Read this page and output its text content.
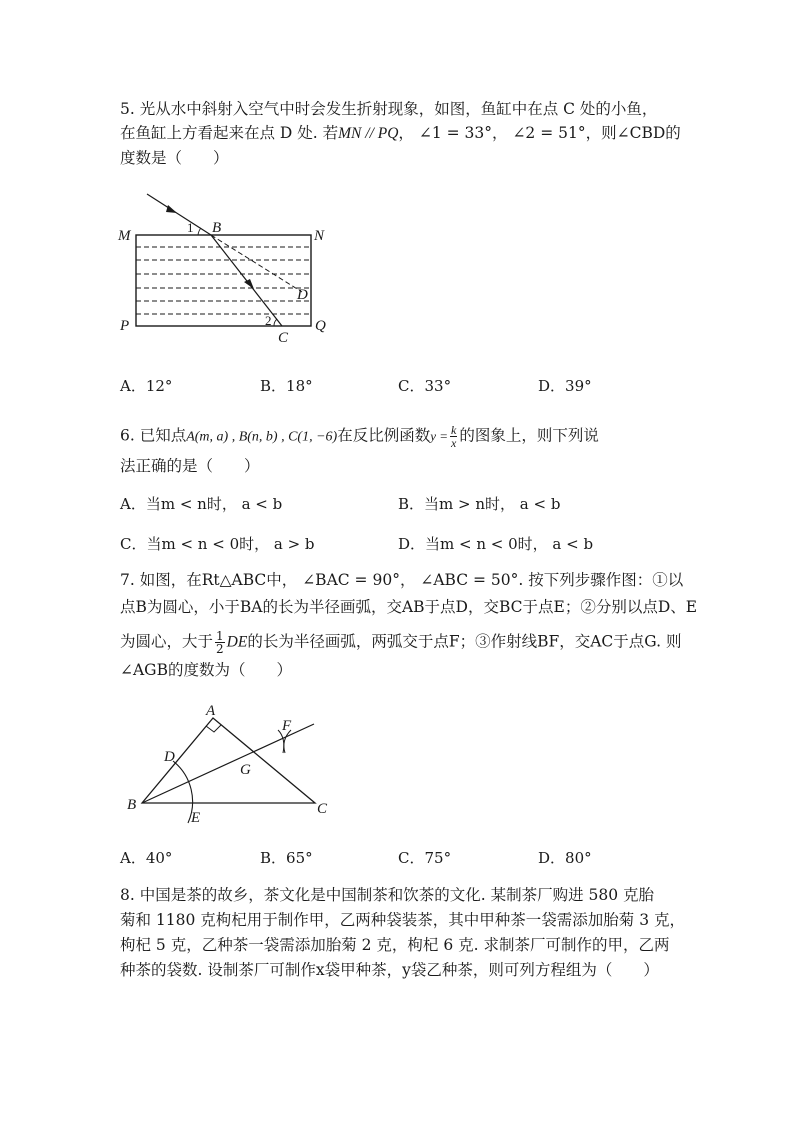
5. 光从水中斜射入空气中时会发生折射现象，如图，鱼缸中在点 C 处的小鱼，
在鱼缸上方看起来在点 D 处. 若MN // PQ， ∠1 = 33°， ∠2 = 51°，则∠CBD的
度数是（　　）
M	N
P	Q
B
C
D
1
2
A．12°	B．18°	C．33°	D．39°
6. 已知点A(m, a) , B(n, b) , C(1, −6)在反比例函数$y = \frac{k}{x}$ 的图象上，则下列说
法正确的是（　　）
A．当m < n时， a < b	B．当m > n时， a < b
C．当m < n < 0时， a > b	D．当m < n < 0时， a < b
7. 如图，在Rt△ABC中， ∠BAC = 90°， ∠ABC = 50°. 按下列步骤作图：①以
点B为圆心，小于BA的长为半径画弧，交AB于点D，交BC于点E；②分别以点D、E
为圆心，大于 $\frac{1}{2}$ DE的长为半径画弧，两弧交于点F；③作射线BF，交AC于点G. 则
∠AGB的度数为（　　）
A
B	C
D
E
F
G
A．40°	B．65°	C．75°	D．80°
8. 中国是茶的故乡，茶文化是中国制茶和饮茶的文化. 某制茶厂购进 580 克胎
菊和 1180 克枸杞用于制作甲，乙两种袋装茶，其中甲种茶一袋需添加胎菊 3 克，
枸杞 5 克，乙种茶一袋需添加胎菊 2 克，枸杞 6 克. 求制茶厂可制作的甲，乙两
种茶的袋数. 设制茶厂可制作x袋甲种茶，y袋乙种茶，则可列方程组为（　　）
